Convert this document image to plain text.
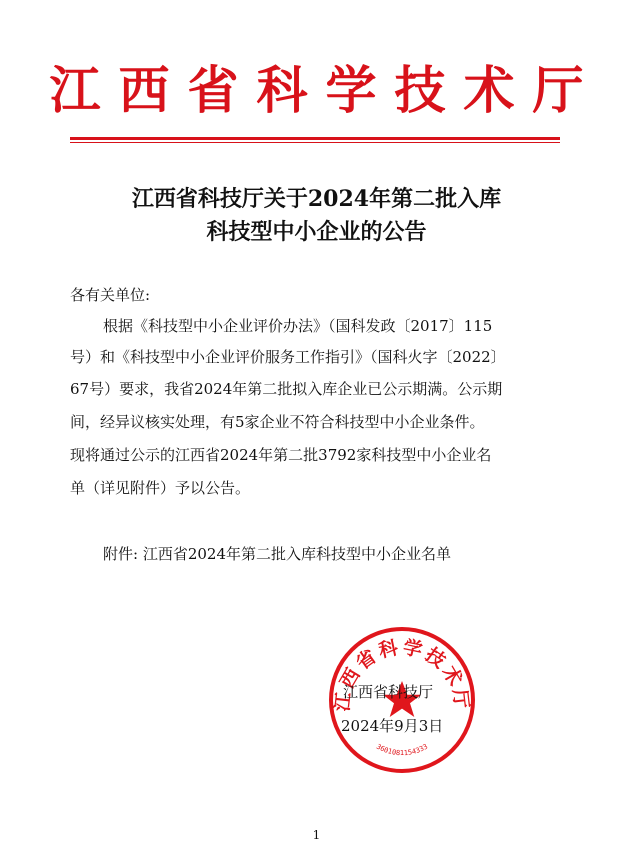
江西省科学技术厅
江西省科技厅关于2024年第二批入库
科技型中小企业的公告
各有关单位:
根据《科技型中小企业评价办法》（国科发政〔2017〕115
号）和《科技型中小企业评价服务工作指引》（国科火字〔2022〕
67号）要求，我省2024年第二批拟入库企业已公示期满。公示期
间，经异议核实处理，有5家企业不符合科技型中小企业条件。
现将通过公示的江西省2024年第二批3792家科技型中小企业名
单（详见附件）予以公告。
附件: 江西省2024年第二批入库科技型中小企业名单
江西省科学技术厅
3601081154333
江西省科技厅
2024年9月3日
1
